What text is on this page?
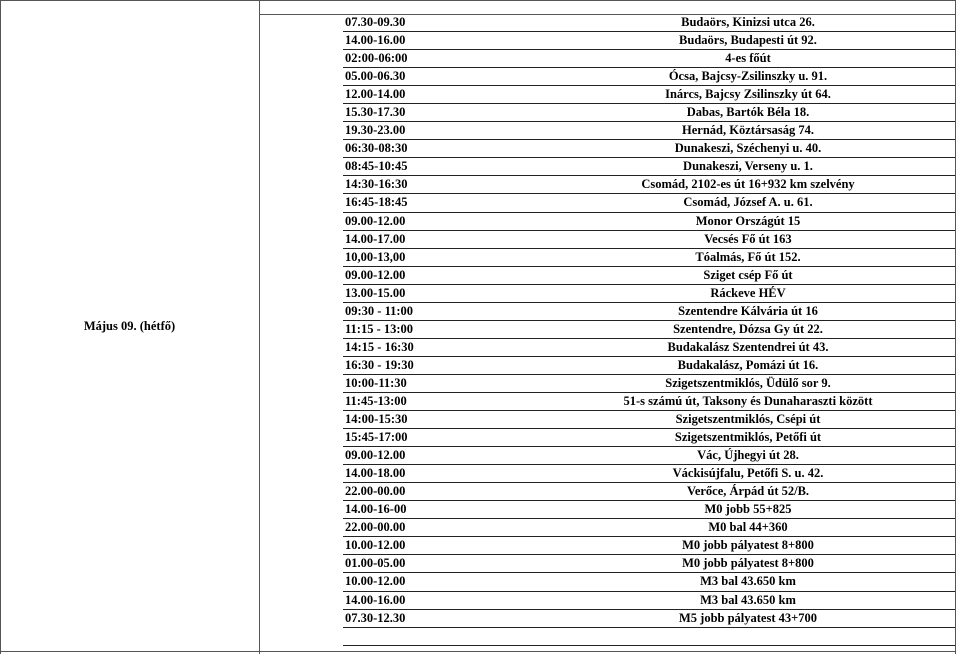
Május 09. (hétfő)
07.30-09.30	Budaörs, Kinizsi utca 26.
14.00-16.00	Budaörs, Budapesti út 92.
02:00-06:00	4-es főút
05.00-06.30	Ócsa, Bajcsy-Zsilinszky u. 91.
12.00-14.00	Inárcs, Bajcsy Zsilinszky út 64.
15.30-17.30	Dabas, Bartók Béla 18.
19.30-23.00	Hernád, Köztársaság 74.
06:30-08:30	Dunakeszi, Széchenyi u. 40.
08:45-10:45	Dunakeszi, Verseny u. 1.
14:30-16:30	Csomád, 2102-es út 16+932 km szelvény
16:45-18:45	Csomád, József A. u. 61.
09.00-12.00	Monor Országút 15
14.00-17.00	Vecsés Fő út 163
10,00-13,00	Tóalmás, Fő út 152.
09.00-12.00	Sziget csép Fő út
13.00-15.00	Ráckeve HÉV
09:30 - 11:00	Szentendre Kálvária út 16
11:15 - 13:00	Szentendre, Dózsa Gy út 22.
14:15 - 16:30	Budakalász Szentendrei út 43.
16:30 - 19:30	Budakalász, Pomázi út 16.
10:00-11:30	Szigetszentmiklós, Üdülő sor 9.
11:45-13:00	51-s számú út, Taksony és Dunaharaszti között
14:00-15:30	Szigetszentmiklós, Csépi út
15:45-17:00	Szigetszentmiklós, Petőfi út
09.00-12.00	Vác, Újhegyi út 28.
14.00-18.00	Váckisújfalu, Petőfi S. u. 42.
22.00-00.00	Verőce, Árpád út 52/B.
14.00-16-00	M0 jobb 55+825
22.00-00.00	M0 bal 44+360
10.00-12.00	M0 jobb pályatest 8+800
01.00-05.00	M0 jobb pályatest 8+800
10.00-12.00	M3 bal 43.650 km
14.00-16.00	M3 bal 43.650 km
07.30-12.30	M5 jobb pályatest 43+700
